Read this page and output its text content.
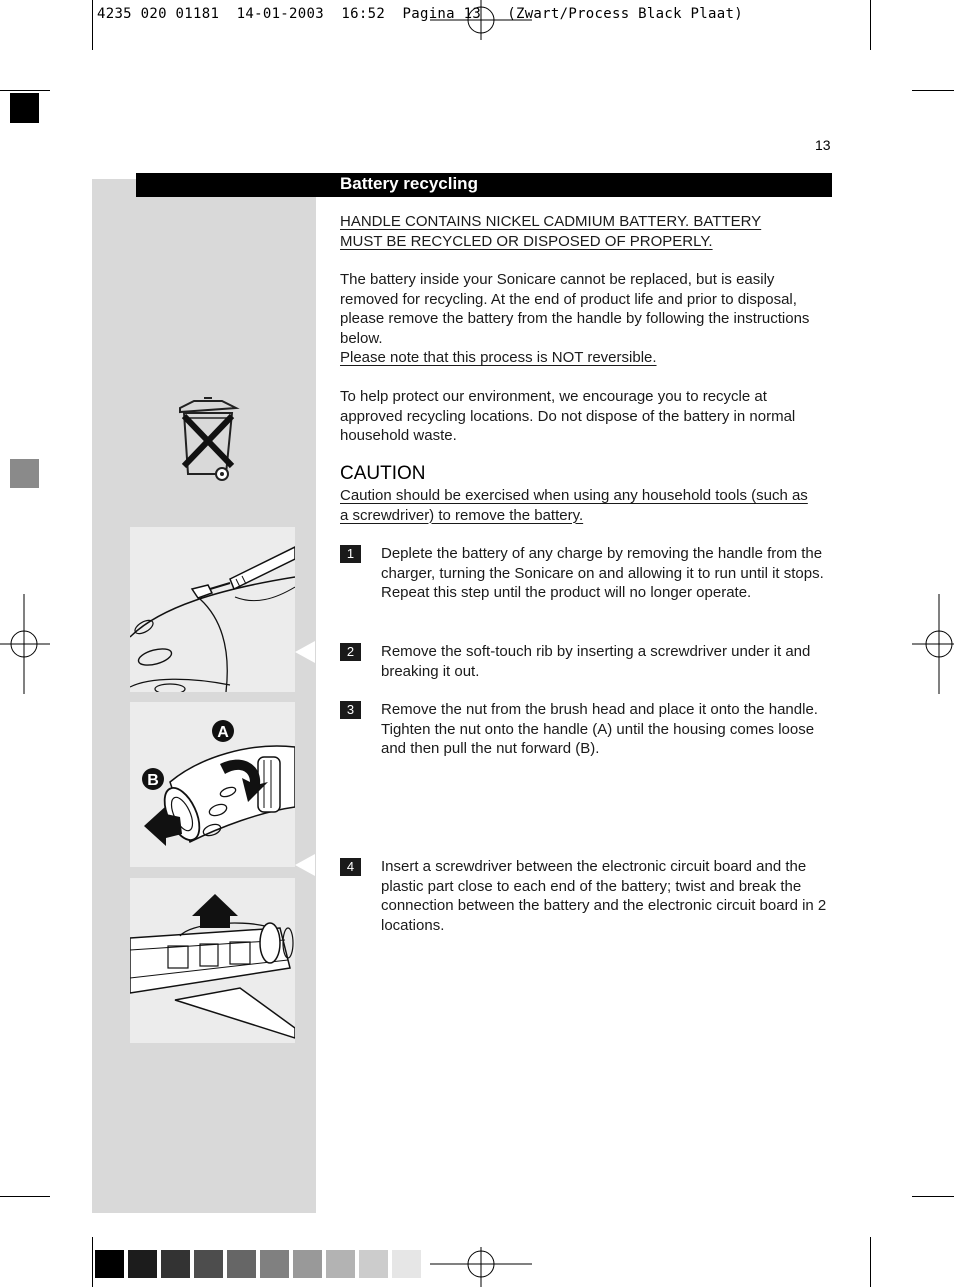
4235 020 01181  14-01-2003  16:52  Pagina 13   (Zwart/Process Black Plaat)
13
Battery recycling
HANDLE CONTAINS NICKEL CADMIUM BATTERY. BATTERY
MUST BE RECYCLED OR DISPOSED OF PROPERLY.
The battery inside your Sonicare cannot be replaced, but is easily removed for recycling. At the end of product life and prior to disposal, please remove the battery from the handle by following the instructions below.
Please note that this process is NOT reversible.
To help protect our environment, we encourage you to recycle at approved recycling locations. Do not dispose of the battery in normal household waste.
CAUTION
Caution should be exercised when using any household tools (such as
a screwdriver) to remove the battery.
1	Deplete the battery of any charge by removing the handle from the charger, turning the Sonicare on and allowing it to run until it stops. Repeat this step until the product will no longer operate.
2	Remove the soft-touch rib by inserting a screwdriver under it and breaking it out.
3	Remove the nut from the brush head and place it onto the handle. Tighten the nut onto the handle (A) until the housing comes loose and then pull the nut forward (B).
4	Insert a screwdriver between the electronic circuit board and the plastic part close to each end of the battery; twist and break the connection between the battery and the electronic circuit board in 2 locations.
A
B
